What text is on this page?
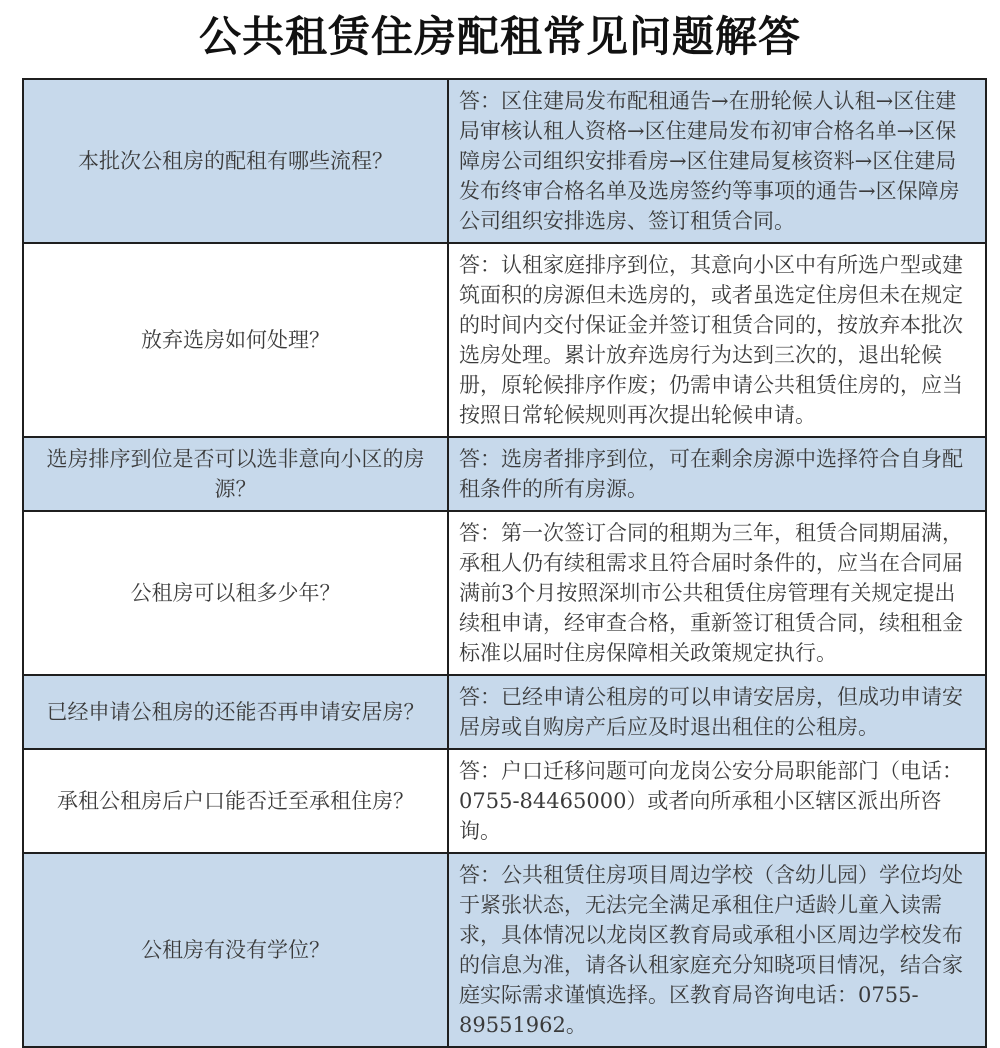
公共租赁住房配租常见问题解答
本批次公租房的配租有哪些流程？	答：区住建局发布配租通告→在册轮候人认租→区住建局审核认租人资格→区住建局发布初审合格名单→区保障房公司组织安排看房→区住建局复核资料→区住建局发布终审合格名单及选房签约等事项的通告→区保障房公司组织安排选房、签订租赁合同。
放弃选房如何处理？	答：认租家庭排序到位，其意向小区中有所选户型或建筑面积的房源但未选房的，或者虽选定住房但未在规定的时间内交付保证金并签订租赁合同的，按放弃本批次选房处理。累计放弃选房行为达到三次的，退出轮候册，原轮候排序作废；仍需申请公共租赁住房的，应当按照日常轮候规则再次提出轮候申请。
选房排序到位是否可以选非意向小区的房源？	答：选房者排序到位，可在剩余房源中选择符合自身配租条件的所有房源。
公租房可以租多少年？	答：第一次签订合同的租期为三年，租赁合同期届满，承租人仍有续租需求且符合届时条件的，应当在合同届满前3个月按照深圳市公共租赁住房管理有关规定提出续租申请，经审查合格，重新签订租赁合同，续租租金标准以届时住房保障相关政策规定执行。
已经申请公租房的还能否再申请安居房？	答：已经申请公租房的可以申请安居房，但成功申请安居房或自购房产后应及时退出租住的公租房。
承租公租房后户口能否迁至承租住房？	答：户口迁移问题可向龙岗公安分局职能部门（电话：0755-84465000）或者向所承租小区辖区派出所咨询。
公租房有没有学位？	答：公共租赁住房项目周边学校（含幼儿园）学位均处于紧张状态，无法完全满足承租住户适龄儿童入读需求，具体情况以龙岗区教育局或承租小区周边学校发布的信息为准，请各认租家庭充分知晓项目情况，结合家庭实际需求谨慎选择。区教育局咨询电话：0755-89551962。
